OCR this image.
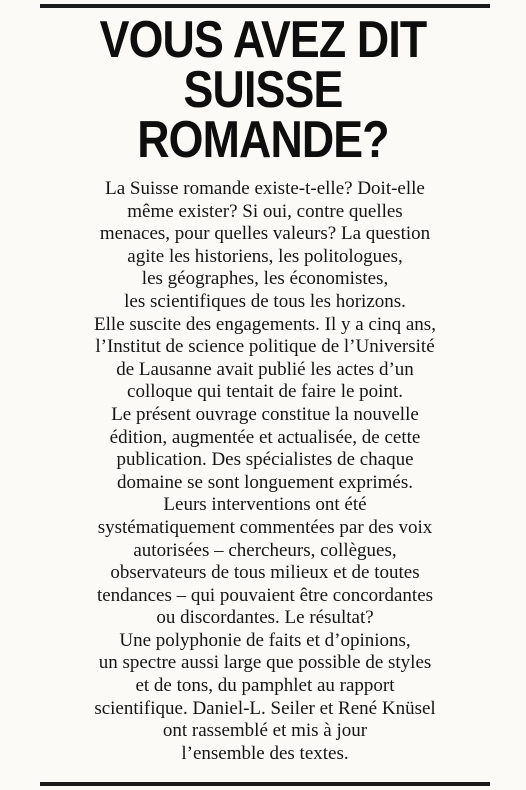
VOUS AVEZ DIT
SUISSE
ROMANDE?
La Suisse romande existe-t-elle? Doit-elle
même exister? Si oui, contre quelles
menaces, pour quelles valeurs? La question
agite les historiens, les politologues,
les géographes, les économistes,
les scientifiques de tous les horizons.
Elle suscite des engagements. Il y a cinq ans,
l’Institut de science politique de l’Université
de Lausanne avait publié les actes d’un
colloque qui tentait de faire le point.
Le présent ouvrage constitue la nouvelle
édition, augmentée et actualisée, de cette
publication. Des spécialistes de chaque
domaine se sont longuement exprimés.
Leurs interventions ont été
systématiquement commentées par des voix
autorisées – chercheurs, collègues,
observateurs de tous milieux et de toutes
tendances – qui pouvaient être concordantes
ou discordantes. Le résultat?
Une polyphonie de faits et d’opinions,
un spectre aussi large que possible de styles
et de tons, du pamphlet au rapport
scientifique. Daniel-L. Seiler et René Knüsel
ont rassemblé et mis à jour
l’ensemble des textes.
